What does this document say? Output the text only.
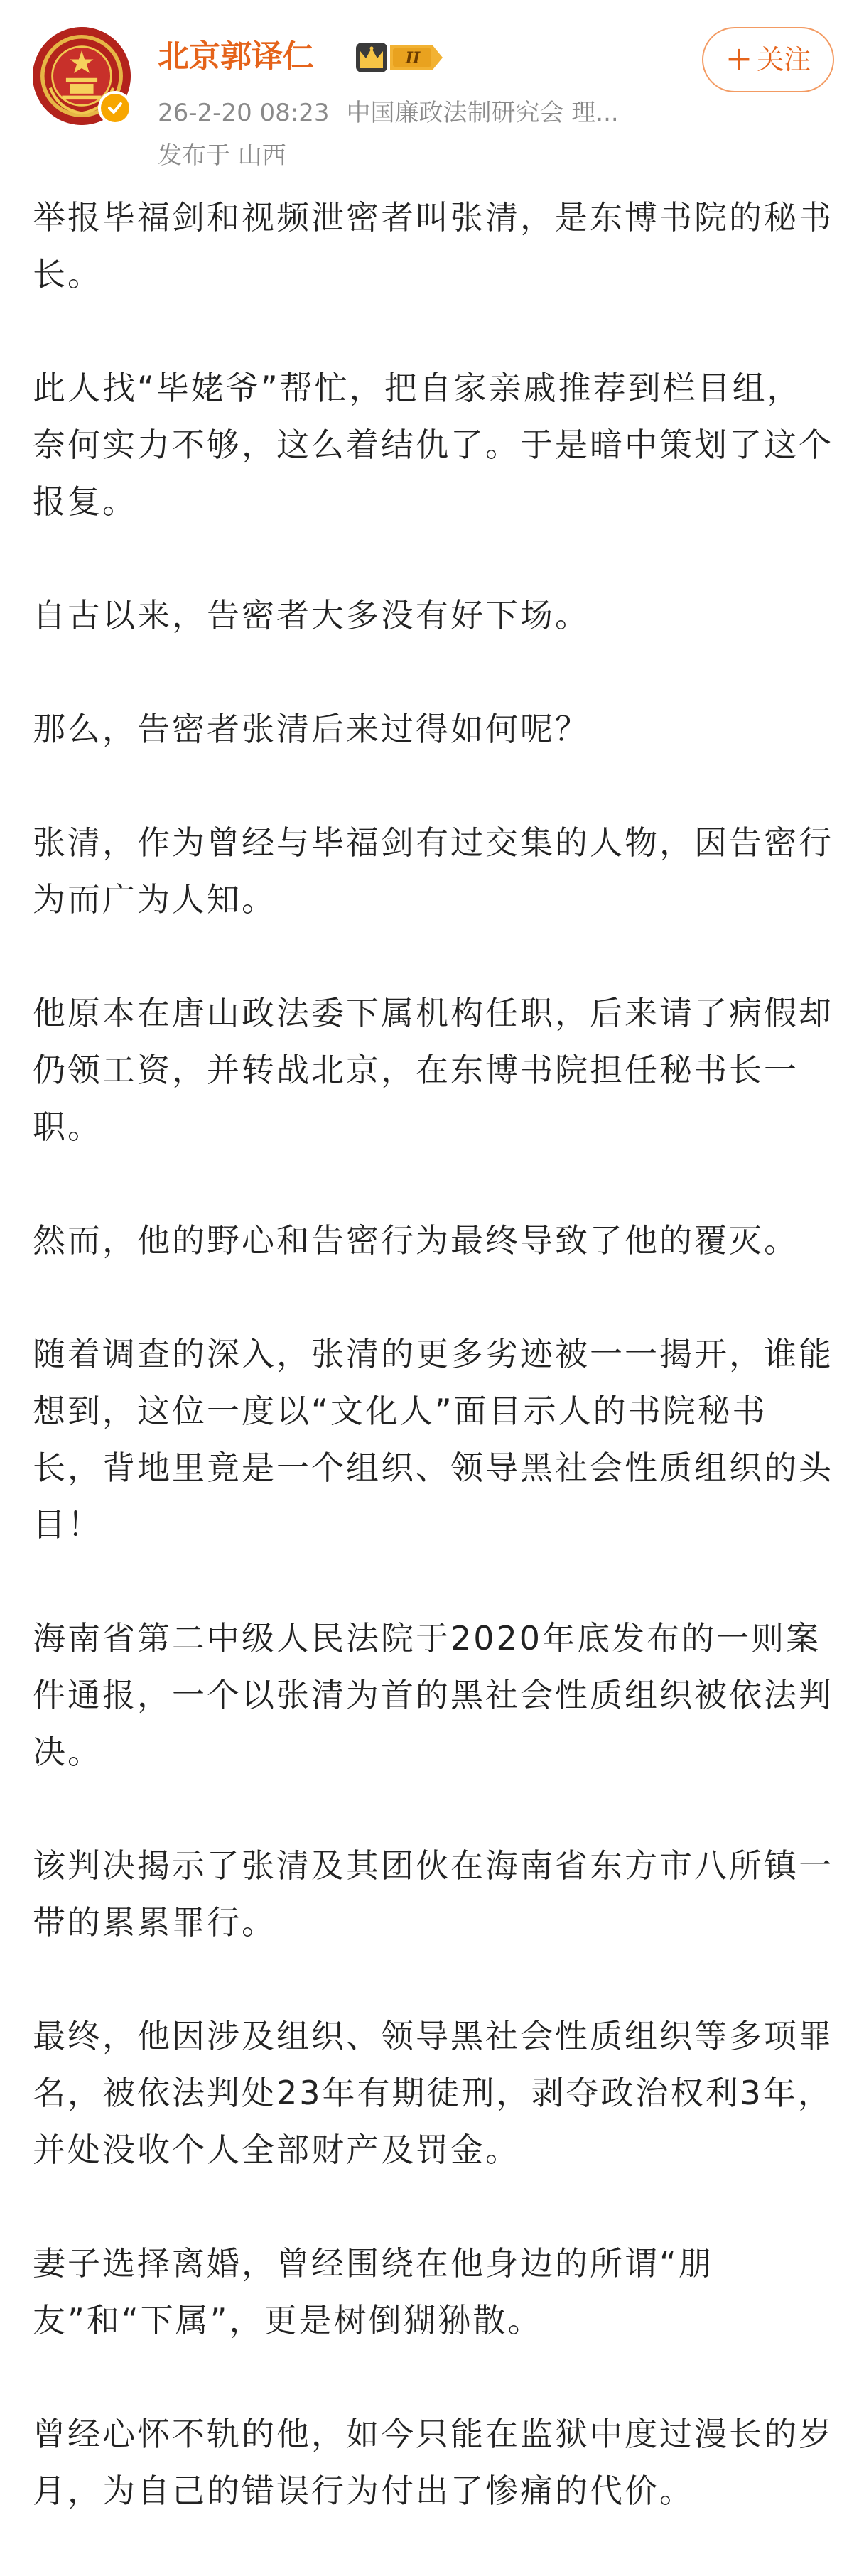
北京郭译仁	II
26-2-20 08:23 中国廉政法制研究会 理...
发布于 山西
+ 关注

举报毕福剑和视频泄密者叫张清，是东博书院的秘书长。

此人找“毕姥爷”帮忙，把自家亲戚推荐到栏目组，奈何实力不够，这么着结仇了。于是暗中策划了这个报复。

自古以来，告密者大多没有好下场。

那么，告密者张清后来过得如何呢？

张清，作为曾经与毕福剑有过交集的人物，因告密行为而广为人知。

他原本在唐山政法委下属机构任职，后来请了病假却仍领工资，并转战北京，在东博书院担任秘书长一职。

然而，他的野心和告密行为最终导致了他的覆灭。

随着调查的深入，张清的更多劣迹被一一揭开，谁能想到，这位一度以“文化人”面目示人的书院秘书长，背地里竟是一个组织、领导黑社会性质组织的头目！

海南省第二中级人民法院于2020年底发布的一则案件通报，一个以张清为首的黑社会性质组织被依法判决。

该判决揭示了张清及其团伙在海南省东方市八所镇一带的累累罪行。

最终，他因涉及组织、领导黑社会性质组织等多项罪名，被依法判处23年有期徒刑，剥夺政治权利3年，并处没收个人全部财产及罚金。

妻子选择离婚，曾经围绕在他身边的所谓“朋友”和“下属”，更是树倒猢狲散。

曾经心怀不轨的他，如今只能在监狱中度过漫长的岁月，为自己的错误行为付出了惨痛的代价。
